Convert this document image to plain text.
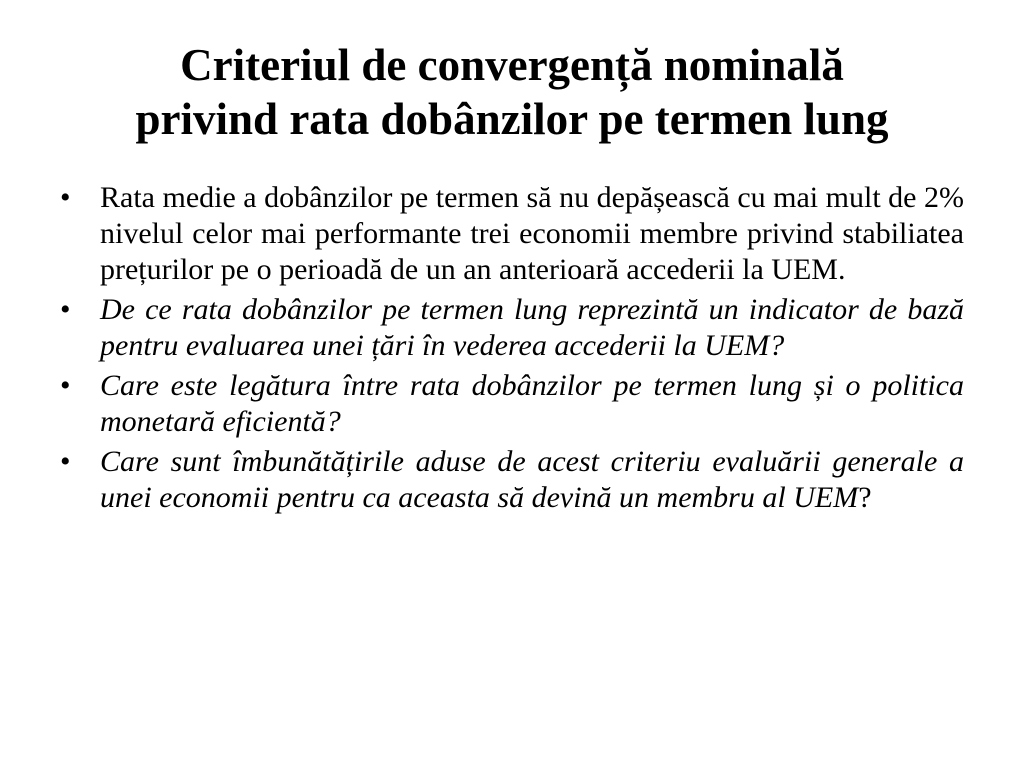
Criteriul de convergență nominală
privind rata dobânzilor pe termen lung
• Rata medie a dobânzilor pe termen să nu depășească cu mai mult de 2% nivelul celor mai performante trei economii membre privind stabiliatea prețurilor pe o perioadă de un an anterioară accederii la UEM.
• De ce rata dobânzilor pe termen lung reprezintă un indicator de bază pentru evaluarea unei țări în vederea accederii la UEM?
• Care este legătura între rata dobânzilor pe termen lung și o politica monetară eficientă?
• Care sunt îmbunătățirile aduse de acest criteriu evaluării generale a unei economii pentru ca aceasta să devină un membru al UEM?
